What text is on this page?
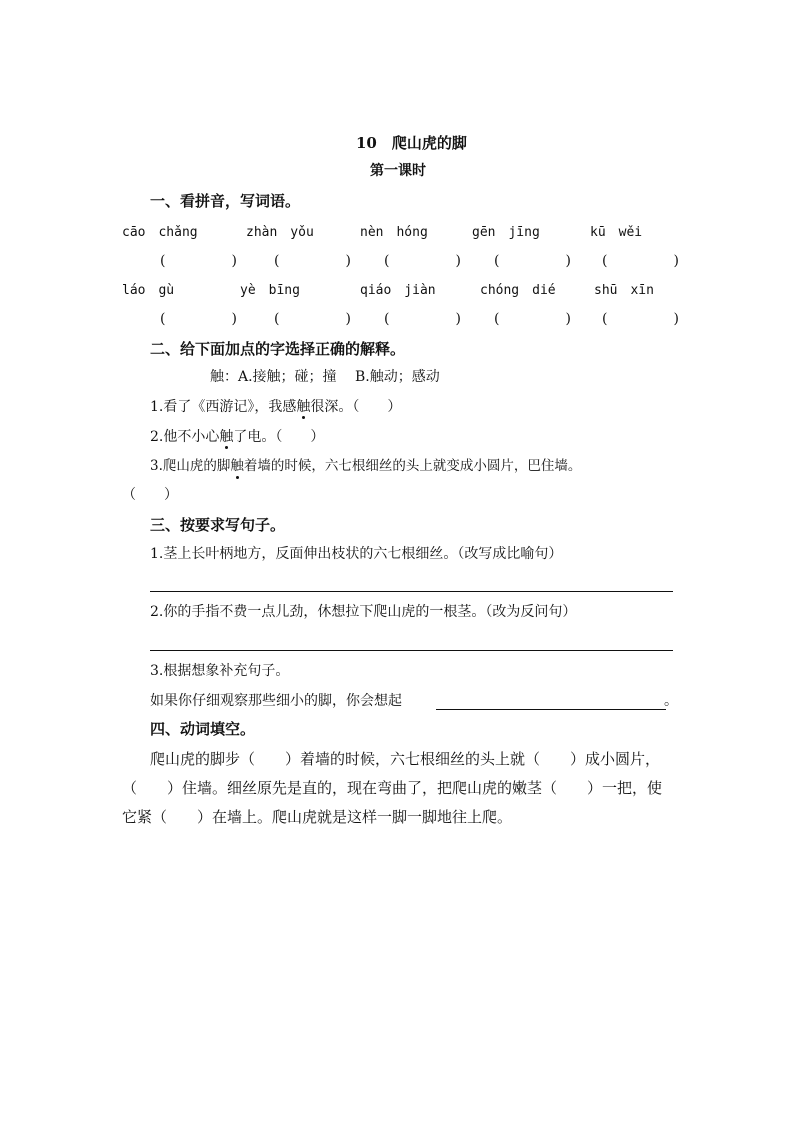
10　爬山虎的脚
第一课时
一、看拼音，写词语。
cāo　chǎng	zhàn　yǒu	nèn　hóng	gēn　jīng	kū　wěi
(　　　　)	(　　　　) (　　　　) (　　　　) (　　　　)
láo　gù	yè　bīng	qiáo　jiàn	chóng　dié	shū　xīn
(　　　　)	(　　　　) (　　　　) (　　　　) (　　　　)
二、给下面加点的字选择正确的解释。
触：A.接触；碰；撞　 B.触动；感动
1.看了《西游记》，我感触很深。（　　）
2.他不小心触了电。（　　）
3.爬山虎的脚触着墙的时候，六七根细丝的头上就变成小圆片，巴住墙。
（　　）
三、按要求写句子。
1.茎上长叶柄地方，反面伸出枝状的六七根细丝。（改写成比喻句）
2.你的手指不费一点儿劲，休想拉下爬山虎的一根茎。（改为反问句）
3.根据想象补充句子。
如果你仔细观察那些细小的脚，你会想起	。
四、动词填空。
爬山虎的脚步（　　）着墙的时候，六七根细丝的头上就（　　）成小圆片，
（　　）住墙。细丝原先是直的，现在弯曲了，把爬山虎的嫩茎（　　）一把，使
它紧（　　）在墙上。爬山虎就是这样一脚一脚地往上爬。
